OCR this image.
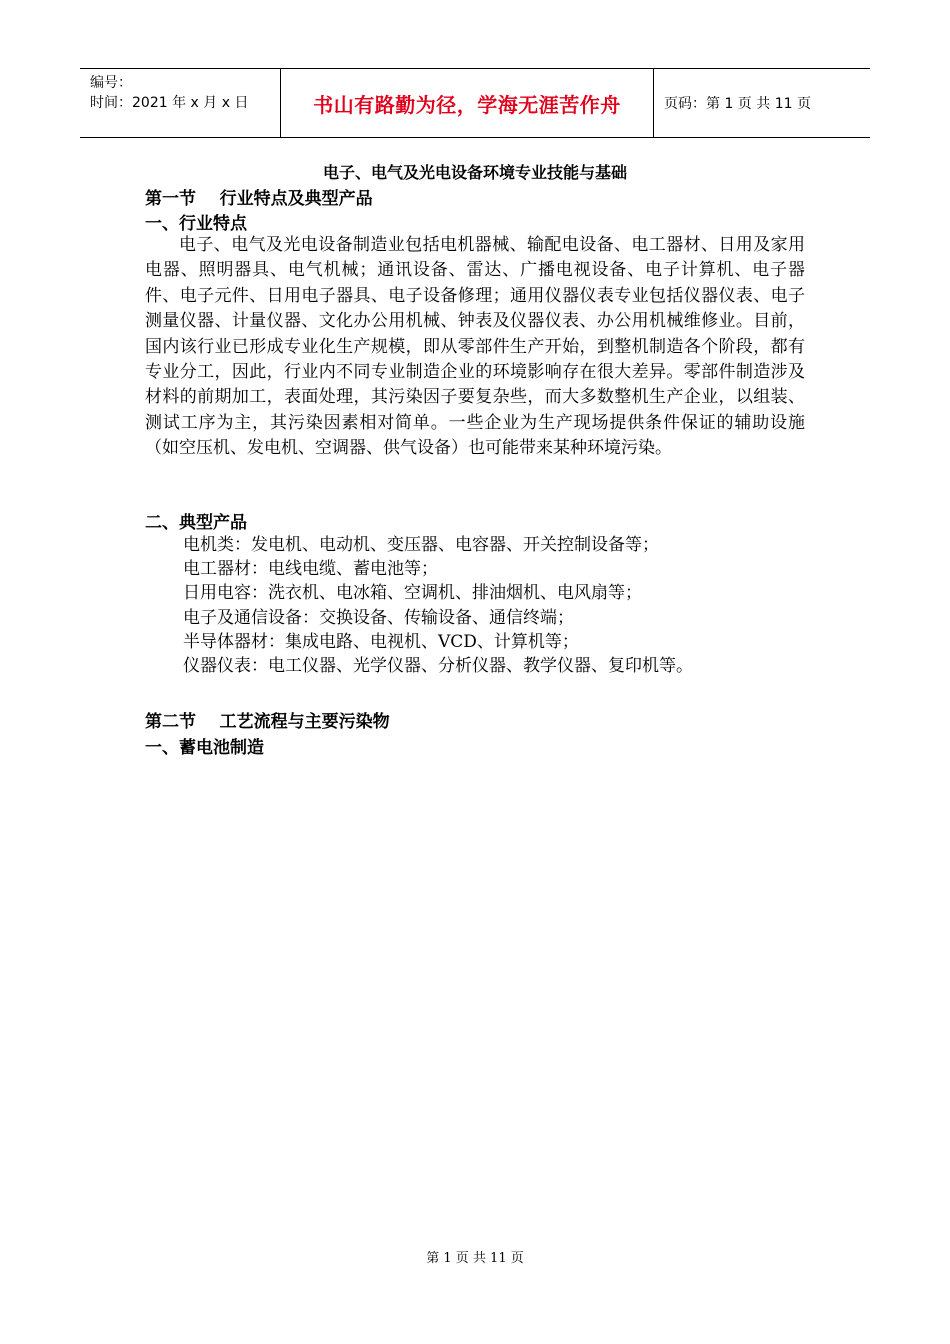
编号：
时间：2021 年 x 月 x 日	书山有路勤为径，学海无涯苦作舟	页码：第 1 页 共 11 页
电子、电气及光电设备环境专业技能与基础
第一节    行业特点及典型产品
一、行业特点

电子、电气及光电设备制造业包括电机器械、输配电设备、电工器材、日用及家用电器、照明器具、电气机械；通讯设备、雷达、广播电视设备、电子计算机、电子器件、电子元件、日用电子器具、电子设备修理；通用仪器仪表专业包括仪器仪表、电子测量仪器、计量仪器、文化办公用机械、钟表及仪器仪表、办公用机械维修业。目前，国内该行业已形成专业化生产规模，即从零部件生产开始，到整机制造各个阶段，都有专业分工，因此，行业内不同专业制造企业的环境影响存在很大差异。零部件制造涉及材料的前期加工，表面处理，其污染因子要复杂些，而大多数整机生产企业，以组装、测试工序为主，其污染因素相对简单。一些企业为生产现场提供条件保证的辅助设施（如空压机、发电机、空调器、供气设备）也可能带来某种环境污染。

二、典型产品
电机类：发电机、电动机、变压器、电容器、开关控制设备等；
电工器材：电线电缆、蓄电池等；
日用电容：洗衣机、电冰箱、空调机、排油烟机、电风扇等；
电子及通信设备：交换设备、传输设备、通信终端；
半导体器材：集成电路、电视机、VCD、计算机等；
仪器仪表：电工仪器、光学仪器、分析仪器、教学仪器、复印机等。
第二节    工艺流程与主要污染物
一、蓄电池制造
第 1 页 共 11 页
